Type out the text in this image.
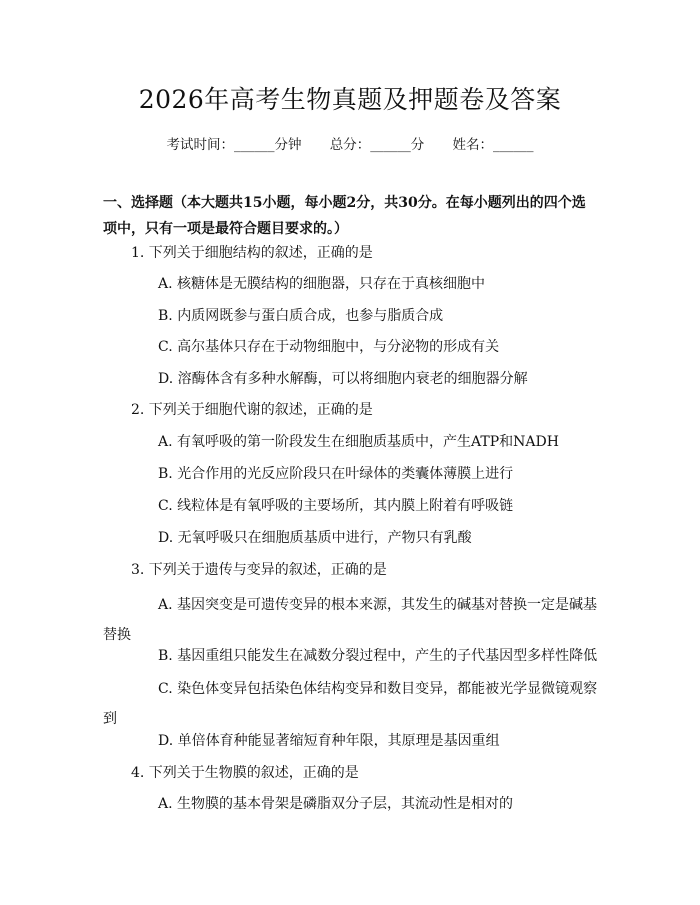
2026年高考生物真题及押题卷及答案
考试时间：______分钟 总分：______分 姓名：______
一、选择题（本大题共15小题，每小题2分，共30分。在每小题列出的四个选项中，只有一项是最符合题目要求的。）
1. 下列关于细胞结构的叙述，正确的是
A. 核糖体是无膜结构的细胞器，只存在于真核细胞中
B. 内质网既参与蛋白质合成，也参与脂质合成
C. 高尔基体只存在于动物细胞中，与分泌物的形成有关
D. 溶酶体含有多种水解酶，可以将细胞内衰老的细胞器分解
2. 下列关于细胞代谢的叙述，正确的是
A. 有氧呼吸的第一阶段发生在细胞质基质中，产生ATP和NADH
B. 光合作用的光反应阶段只在叶绿体的类囊体薄膜上进行
C. 线粒体是有氧呼吸的主要场所，其内膜上附着有呼吸链
D. 无氧呼吸只在细胞质基质中进行，产物只有乳酸
3. 下列关于遗传与变异的叙述，正确的是
A. 基因突变是可遗传变异的根本来源，其发生的碱基对替换一定是碱基替换
B. 基因重组只能发生在减数分裂过程中，产生的子代基因型多样性降低
C. 染色体变异包括染色体结构变异和数目变异，都能被光学显微镜观察到
D. 单倍体育种能显著缩短育种年限，其原理是基因重组
4. 下列关于生物膜的叙述，正确的是
A. 生物膜的基本骨架是磷脂双分子层，其流动性是相对的
